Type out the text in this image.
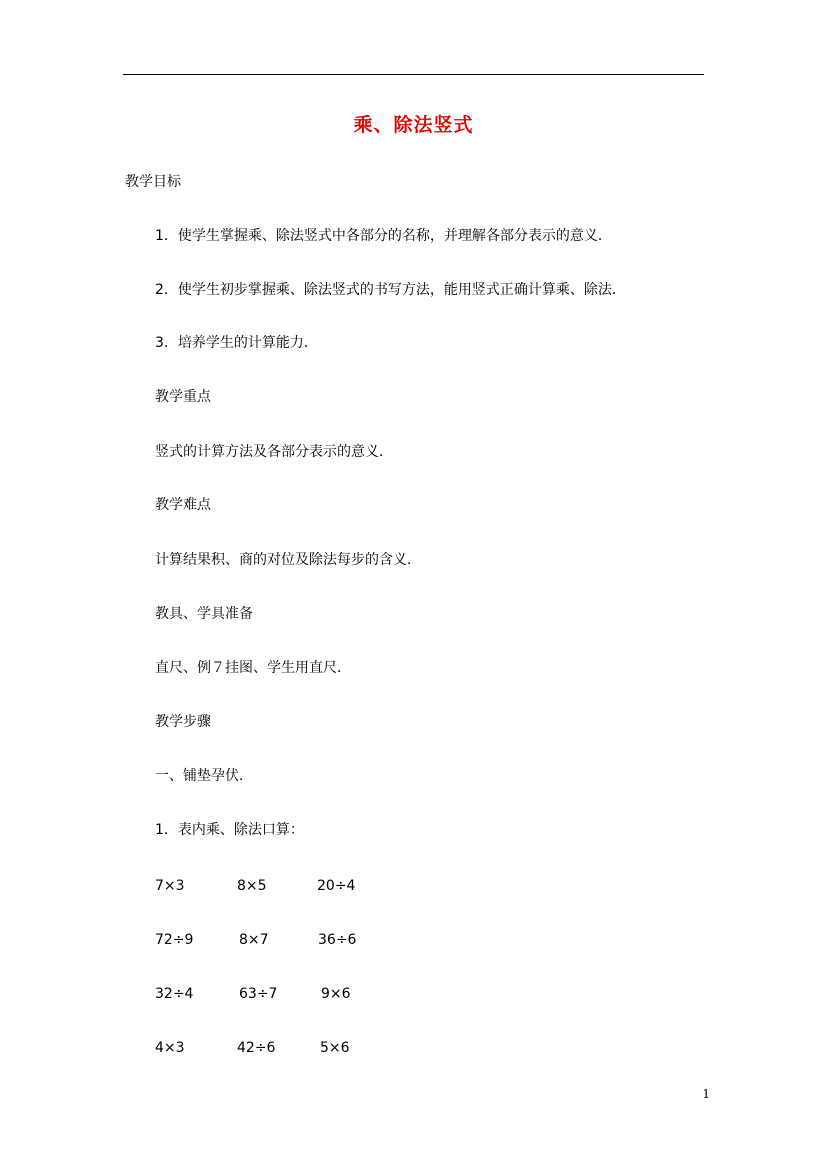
乘、除法竖式
教学目标
1．使学生掌握乘、除法竖式中各部分的名称，并理解各部分表示的意义．
2．使学生初步掌握乘、除法竖式的书写方法，能用竖式正确计算乘、除法．
3．培养学生的计算能力．
教学重点
竖式的计算方法及各部分表示的意义．
教学难点
计算结果积、商的对位及除法每步的含义．
教具、学具准备
直尺、例７挂图、学生用直尺．
教学步骤
一、铺垫孕伏．
1．表内乘、除法口算：
7×3	8×5	20÷4
72÷9	8×7	36÷6
32÷4	63÷7	9×6
4×3	42÷6	5×6
1
